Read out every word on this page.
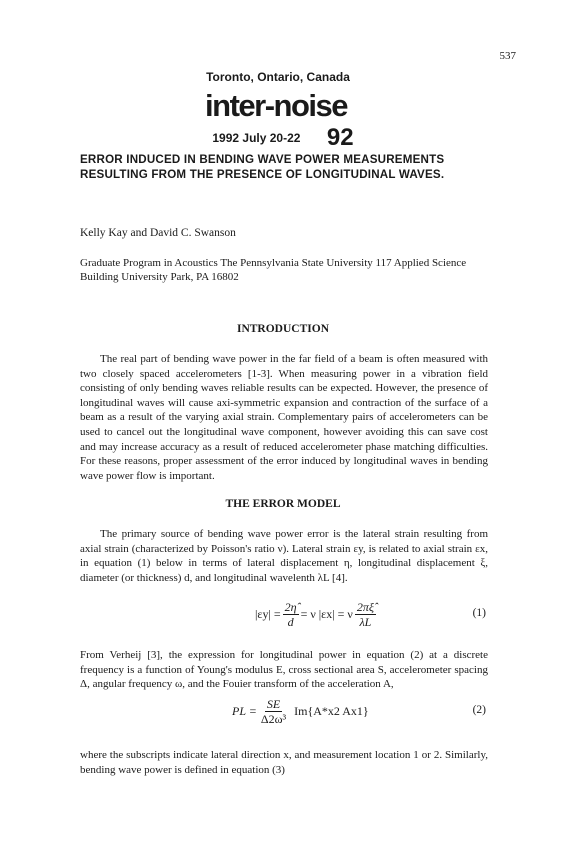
537
Toronto, Ontario, Canada
inter-noise
1992 July 20-22 92
ERROR INDUCED IN BENDING WAVE POWER MEASUREMENTS
RESULTING FROM THE PRESENCE OF LONGITUDINAL WAVES.
Kelly Kay and David C. Swanson
Graduate Program in Acoustics The Pennsylvania State University 117 Applied Science Building University Park, PA 16802
INTRODUCTION

The real part of bending wave power in the far field of a beam is often measured with two closely spaced accelerometers [1-3]. When measuring power in a vibration field consisting of only bending waves reliable results can be expected. However, the presence of longitudinal waves will cause axi-symmetric expansion and contraction of the surface of a beam as a result of the varying axial strain. Complementary pairs of accelerometers can be used to cancel out the longitudinal wave component, however avoiding this can save cost and may increase accuracy as a result of reduced accelerometer phase matching difficulties. For these reasons, proper assessment of the error induced by longitudinal waves in bending wave power flow is important.

THE ERROR MODEL

The primary source of bending wave power error is the lateral strain resulting from axial strain (characterized by Poisson's ratio ν). Lateral strain εy, is related to axial strain εx, in equation (1) below in terms of lateral displacement η, longitudinal displacement ξ, diameter (or thickness) d, and longitudinal wavelenth λL [4].

$|\varepsilon y| = \frac{2\etâ}{d} = \nu$ |εx| = ν $\frac{2\pi\xî}{\lambda L}$	(1)

From Verheij [3], the expression for longitudinal power in equation (2) at a discrete frequency is a function of Young's modulus E, cross sectional area S, accelerometer spacing Δ, angular frequency ω, and the Fouier transform of the acceleration A,

PL = $\frac{SE}{\text{Δ2ω³}} Im\{A*x2$ Ax1}	(2)

where the subscripts indicate lateral direction x, and measurement location 1 or 2. Similarly, bending wave power is defined in equation (3)
